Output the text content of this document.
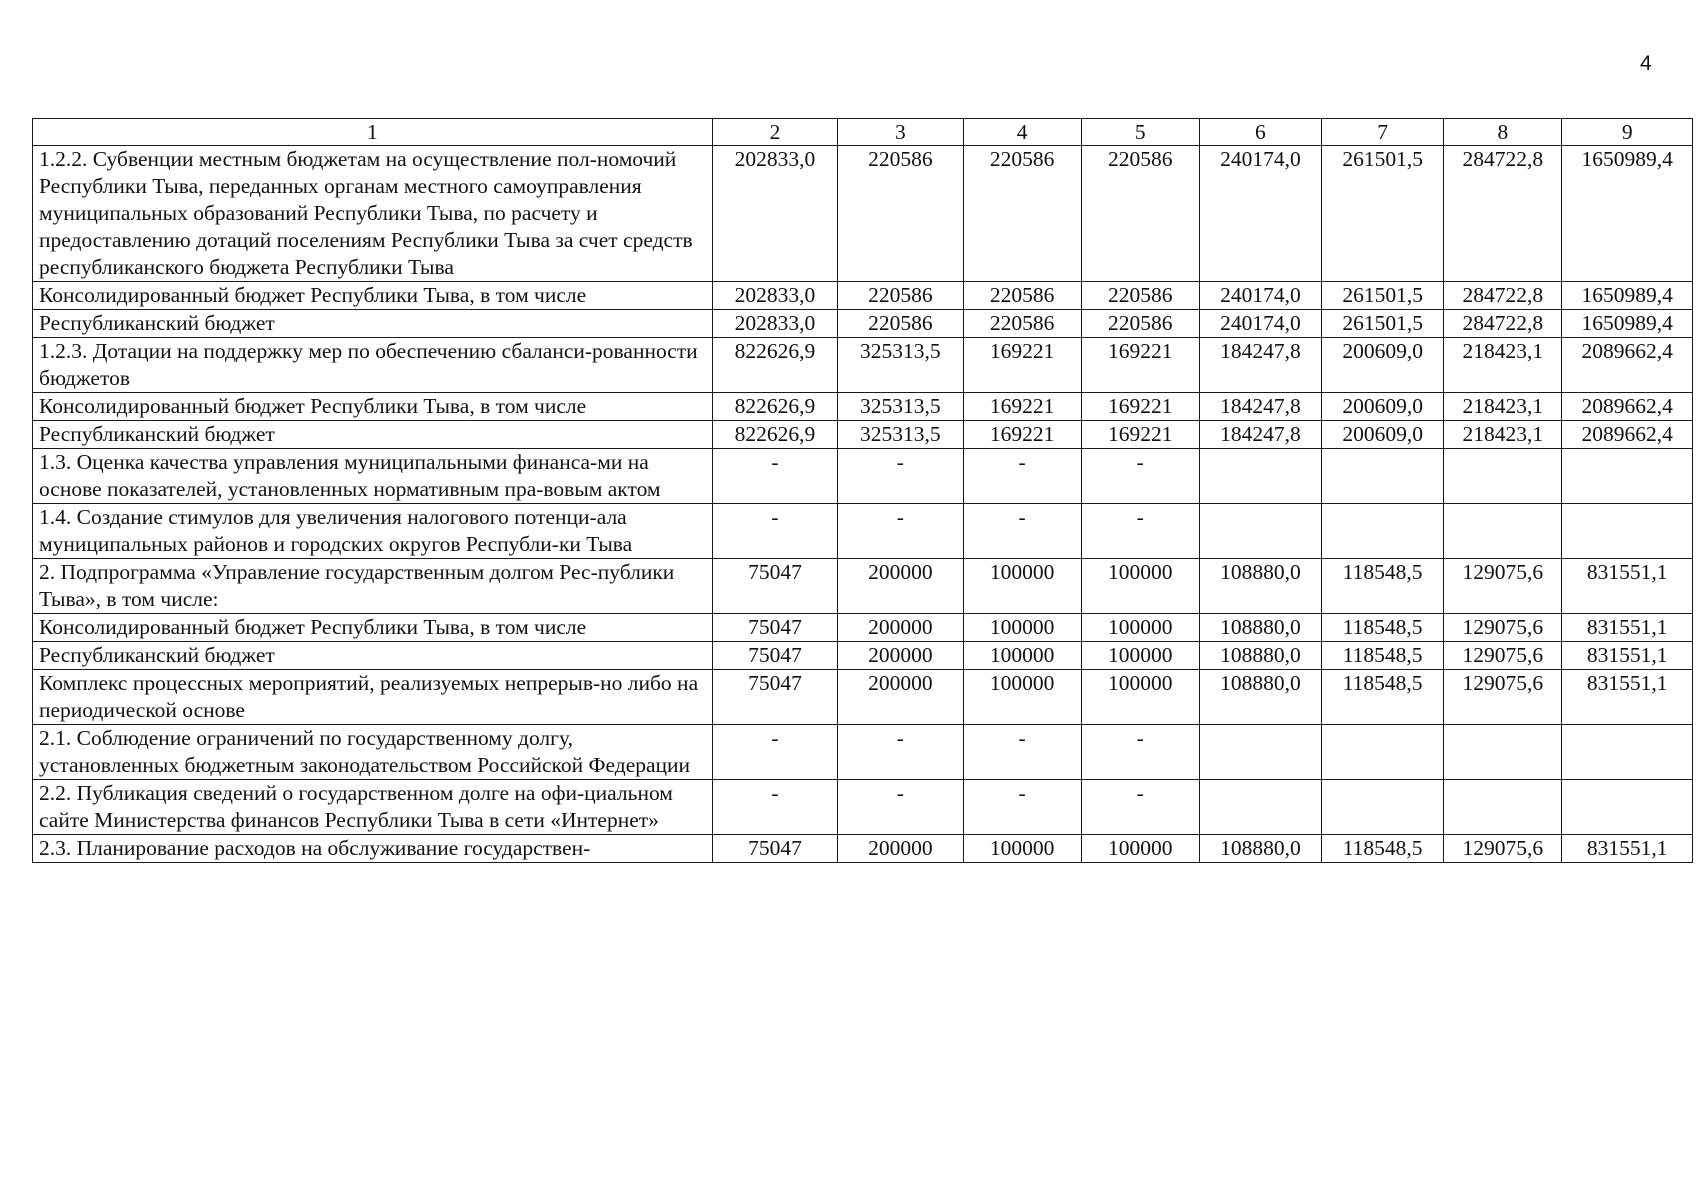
4
1	2	3	4	5	6	7	8	9
1.2.2. Субвенции местным бюджетам на осуществление пол-номочий Республики Тыва, переданных органам местного самоуправления муниципальных образований Республики Тыва, по расчету и предоставлению дотаций поселениям Республики Тыва за счет средств республиканского бюджета Республики Тыва	202833,0	220586	220586	220586	240174,0	261501,5	284722,8	1650989,4
Консолидированный бюджет Республики Тыва, в том числе	202833,0	220586	220586	220586	240174,0	261501,5	284722,8	1650989,4
Республиканский бюджет	202833,0	220586	220586	220586	240174,0	261501,5	284722,8	1650989,4
1.2.3. Дотации на поддержку мер по обеспечению сбаланси-рованности бюджетов	822626,9	325313,5	169221	169221	184247,8	200609,0	218423,1	2089662,4
Консолидированный бюджет Республики Тыва, в том числе	822626,9	325313,5	169221	169221	184247,8	200609,0	218423,1	2089662,4
Республиканский бюджет	822626,9	325313,5	169221	169221	184247,8	200609,0	218423,1	2089662,4
1.3. Оценка качества управления муниципальными финанса-ми на основе показателей, установленных нормативным пра-вовым актом	-	-	-	-				
1.4. Создание стимулов для увеличения налогового потенци-ала муниципальных районов и городских округов Республи-ки Тыва	-	-	-	-				
2. Подпрограмма «Управление государственным долгом Рес-публики Тыва», в том числе:	75047	200000	100000	100000	108880,0	118548,5	129075,6	831551,1
Консолидированный бюджет Республики Тыва, в том числе	75047	200000	100000	100000	108880,0	118548,5	129075,6	831551,1
Республиканский бюджет	75047	200000	100000	100000	108880,0	118548,5	129075,6	831551,1
Комплекс процессных мероприятий, реализуемых непрерыв-но либо на периодической основе	75047	200000	100000	100000	108880,0	118548,5	129075,6	831551,1
2.1. Соблюдение ограничений по государственному долгу, установленных бюджетным законодательством Российской Федерации	-	-	-	-				
2.2. Публикация сведений о государственном долге на офи-циальном сайте Министерства финансов Республики Тыва в сети «Интернет»	-	-	-	-				
2.3. Планирование расходов на обслуживание государствен-	75047	200000	100000	100000	108880,0	118548,5	129075,6	831551,1
